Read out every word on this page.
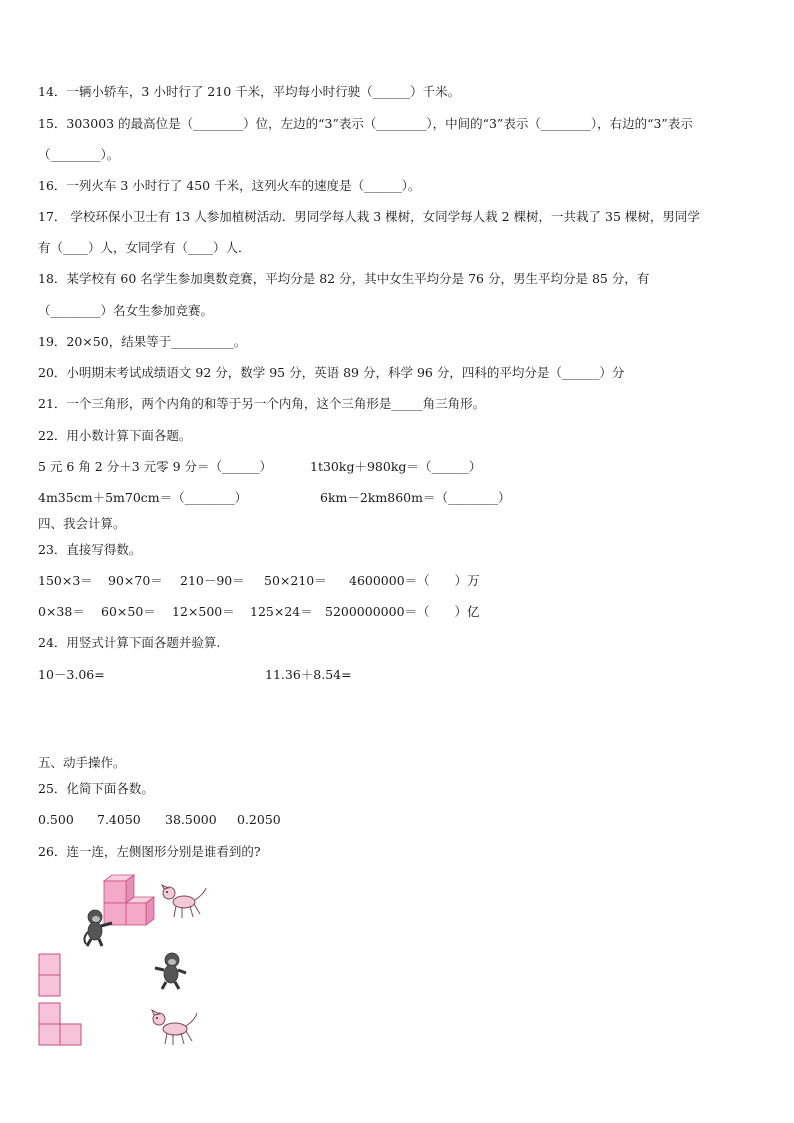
14．一辆小轿车，3 小时行了 210 千米，平均每小时行驶（______）千米。
15．303003 的最高位是（________）位，左边的“3”表示（________），中间的“3”表示（________），右边的“3”表示
（________）。
16．一列火车 3 小时行了 450 千米，这列火车的速度是（______）。
17． 学校环保小卫士有 13 人参加植树活动．男同学每人栽 3 棵树，女同学每人栽 2 棵树，一共栽了 35 棵树，男同学
有（____）人，女同学有（____）人．
18．某学校有 60 名学生参加奥数竞赛，平均分是 82 分，其中女生平均分是 76 分，男生平均分是 85 分，有
（________）名女生参加竞赛。
19．20×50，结果等于__________。
20．小明期末考试成绩语文 92 分，数学 95 分，英语 89 分，科学 96 分，四科的平均分是（______）分
21．一个三角形，两个内角的和等于另一个内角，这个三角形是_____角三角形。
22．用小数计算下面各题。
5 元 6 角 2 分＋3 元零 9 分＝（______）	1t30kg＋980kg＝（______）
4m35cm＋5m70cm＝（________）	6km－2km860m＝（________）
四、我会计算。
23．直接写得数。
150×3＝ 90×70＝ 210－90＝ 50×210＝ 4600000＝（　　）万
0×38＝ 60×50＝ 12×500＝ 125×24＝ 5200000000＝（　　）亿
24．用竖式计算下面各题并验算.
10－3.06=	11.36＋8.54=
五、动手操作。
25．化简下面各数。
0.500 7.4050 38.5000 0.2050
26．连一连，左侧图形分别是谁看到的?
